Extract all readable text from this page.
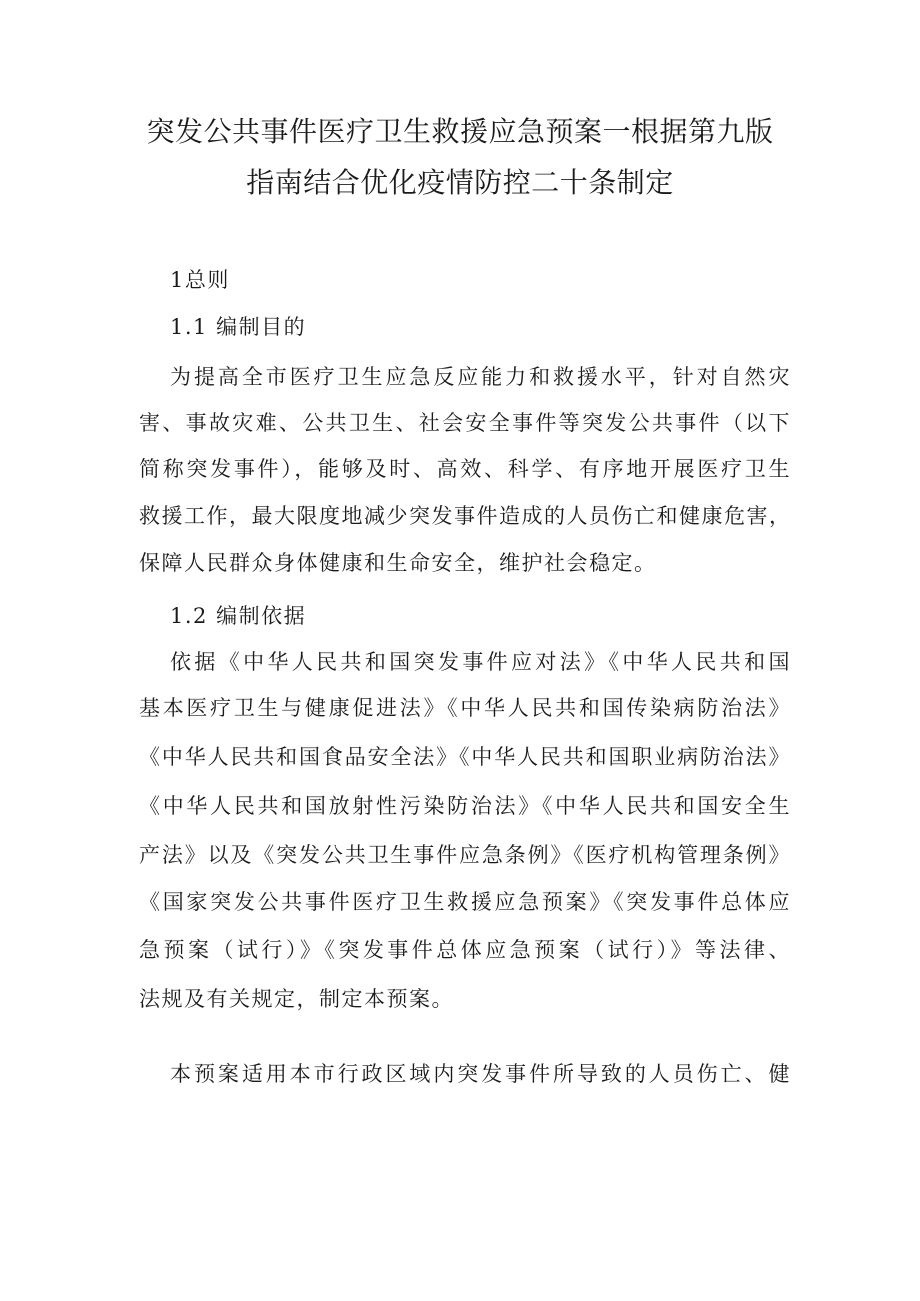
突发公共事件医疗卫生救援应急预案一根据第九版
指南结合优化疫情防控二十条制定
1总则
1.1 编制目的
为提高全市医疗卫生应急反应能力和救援水平，针对自然灾
害、事故灾难、公共卫生、社会安全事件等突发公共事件（以下
简称突发事件），能够及时、高效、科学、有序地开展医疗卫生
救援工作，最大限度地减少突发事件造成的人员伤亡和健康危害，
保障人民群众身体健康和生命安全，维护社会稳定。
1.2 编制依据
依据《中华人民共和国突发事件应对法》《中华人民共和国
基本医疗卫生与健康促进法》《中华人民共和国传染病防治法》
《中华人民共和国食品安全法》《中华人民共和国职业病防治法》
《中华人民共和国放射性污染防治法》《中华人民共和国安全生
产法》以及《突发公共卫生事件应急条例》《医疗机构管理条例》
《国家突发公共事件医疗卫生救援应急预案》《突发事件总体应
急预案（试行）》《突发事件总体应急预案（试行）》等法律、
法规及有关规定，制定本预案。
本预案适用本市行政区域内突发事件所导致的人员伤亡、健
